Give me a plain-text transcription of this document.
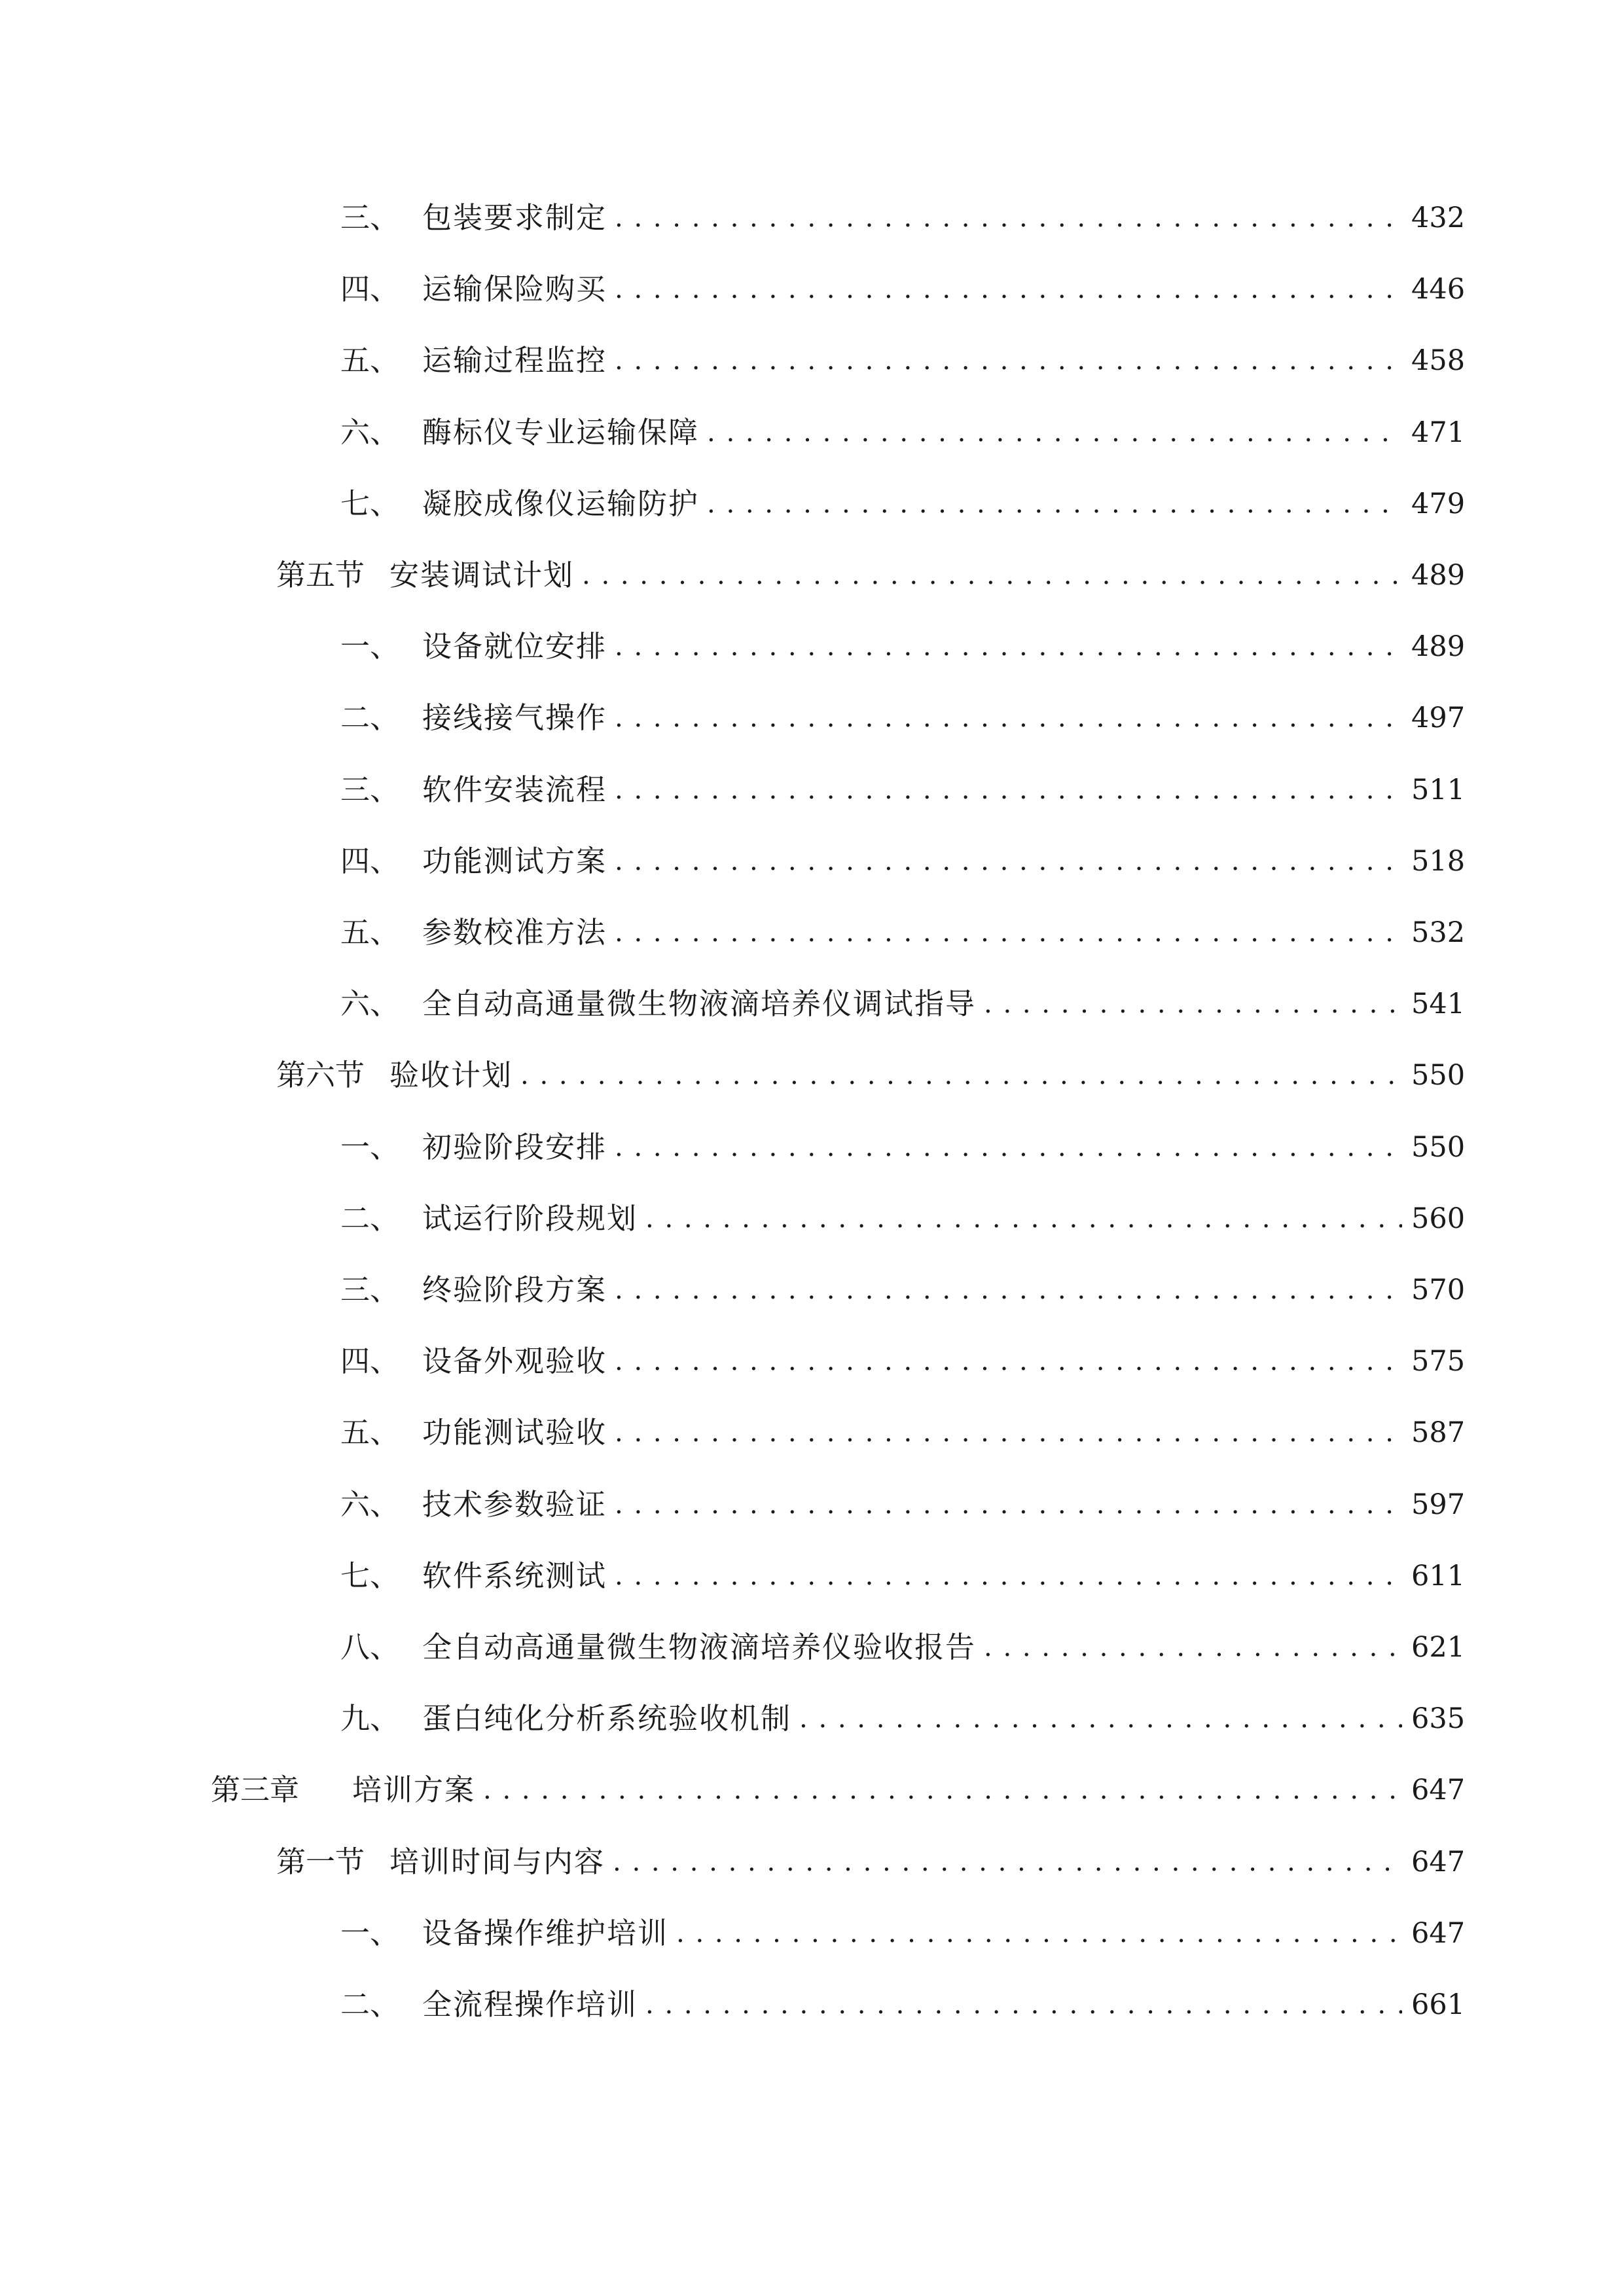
三、 包装要求制定 . . .	432
四、 运输保险购买 . . .	446
五、 运输过程监控 . . .	458
六、 酶标仪专业运输保障 . . .	471
七、 凝胶成像仪运输防护 . . .	479
第五节 安装调试计划 . . .	489
一、 设备就位安排 . . .	489
二、 接线接气操作 . . .	497
三、 软件安装流程 . . .	511
四、 功能测试方案 . . .	518
五、 参数校准方法 . . .	532
六、 全自动高通量微生物液滴培养仪调试指导 . . .	541
第六节 验收计划 . . .	550
一、 初验阶段安排 . . .	550
二、 试运行阶段规划 . . .	560
三、 终验阶段方案 . . .	570
四、 设备外观验收 . . .	575
五、 功能测试验收 . . .	587
六、 技术参数验证 . . .	597
七、 软件系统测试 . . .	611
八、 全自动高通量微生物液滴培养仪验收报告 . . .	621
九、 蛋白纯化分析系统验收机制 . . .	635
第三章	培训方案 . . .	647
第一节 培训时间与内容 . . .	647
一、 设备操作维护培训 . . .	647
二、 全流程操作培训 . . .	661
